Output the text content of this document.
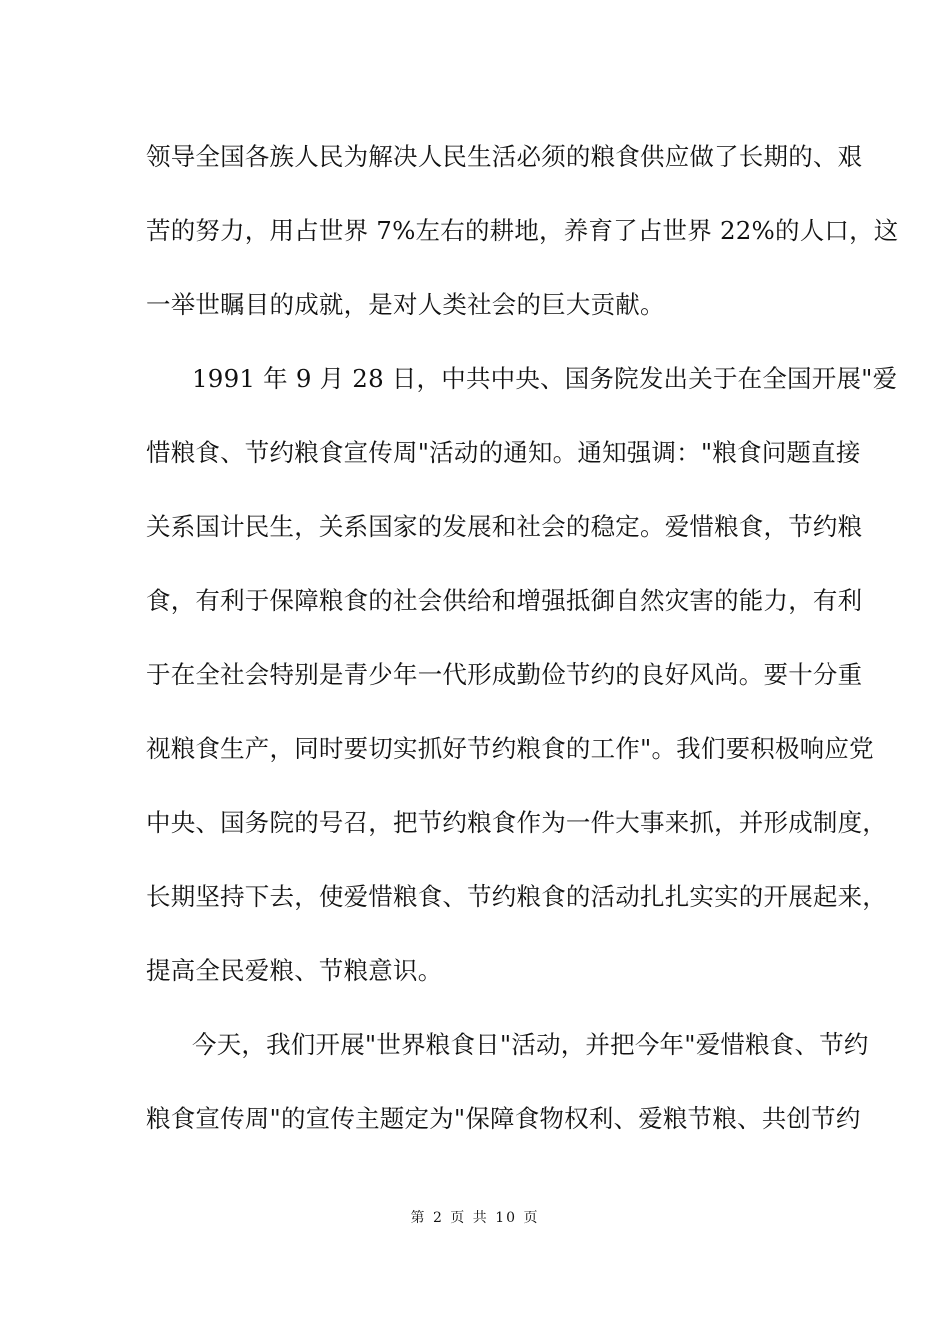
领导全国各族人民为解决人民生活必须的粮食供应做了长期的、艰
苦的努力，用占世界 7%左右的耕地，养育了占世界 22%的人口，这
一举世瞩目的成就，是对人类社会的巨大贡献。
1991 年 9 月 28 日，中共中央、国务院发出关于在全国开展"爱
惜粮食、节约粮食宣传周"活动的通知。通知强调："粮食问题直接
关系国计民生，关系国家的发展和社会的稳定。爱惜粮食，节约粮
食，有利于保障粮食的社会供给和增强抵御自然灾害的能力，有利
于在全社会特别是青少年一代形成勤俭节约的良好风尚。要十分重
视粮食生产，同时要切实抓好节约粮食的工作"。我们要积极响应党
中央、国务院的号召，把节约粮食作为一件大事来抓，并形成制度，
长期坚持下去，使爱惜粮食、节约粮食的活动扎扎实实的开展起来，
提高全民爱粮、节粮意识。
今天，我们开展"世界粮食日"活动，并把今年"爱惜粮食、节约
粮食宣传周"的宣传主题定为"保障食物权利、爱粮节粮、共创节约
第 2 页 共 10 页
